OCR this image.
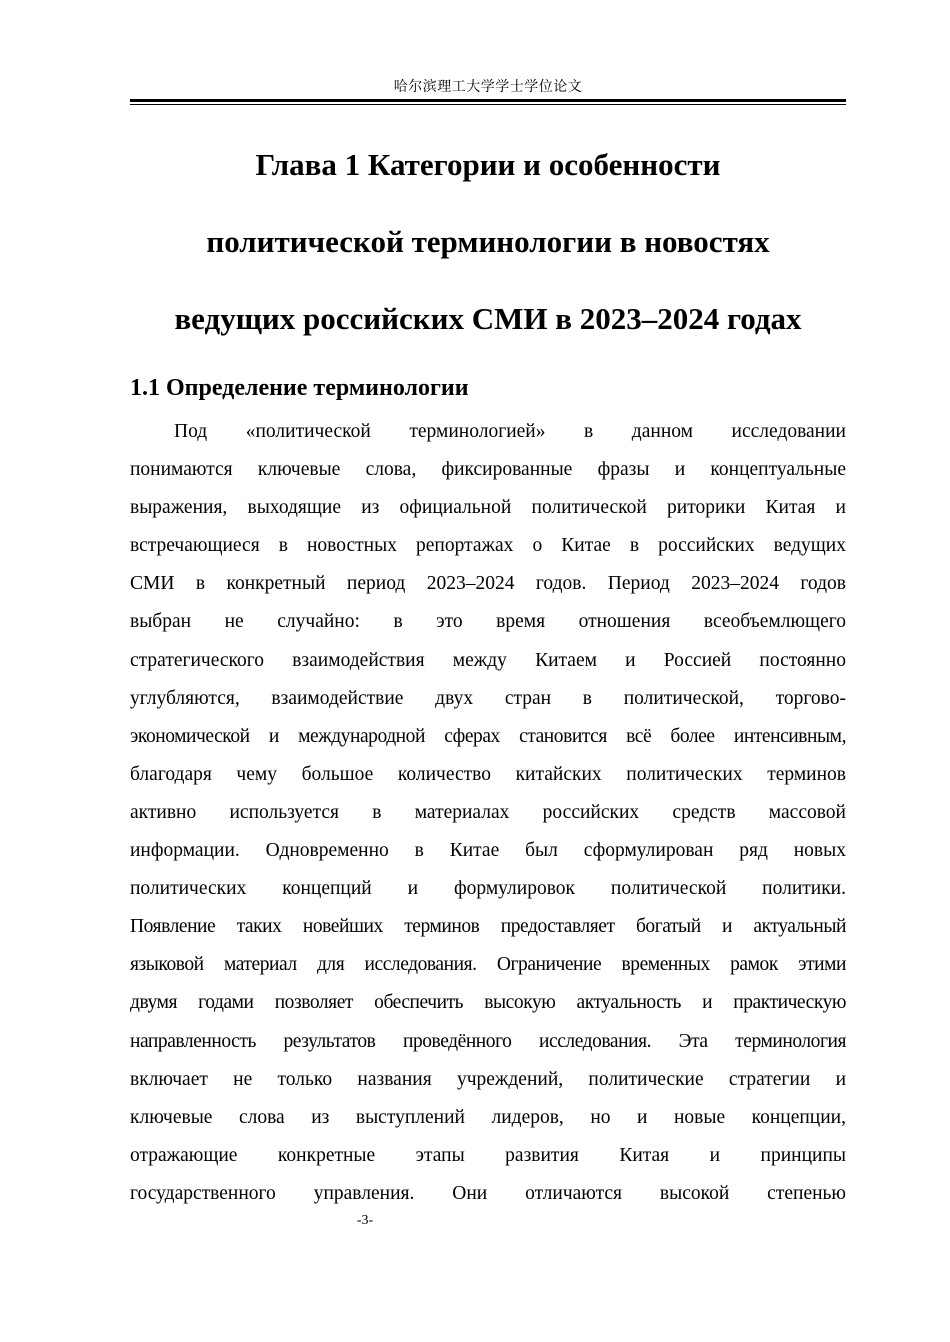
哈尔滨理工大学学士学位论文
Глава 1 Категории и особенности
политической терминологии в новостях
ведущих российских СМИ в 2023–2024 годах
1.1 Определение терминологии
Под «политической терминологией» в данном исследовании
понимаются ключевые слова, фиксированные фразы и концептуальные
выражения, выходящие из официальной политической риторики Китая и
встречающиеся в новостных репортажах о Китае в российских ведущих
СМИ в конкретный период 2023–2024 годов. Период 2023–2024 годов
выбран не случайно: в это время отношения всеобъемлющего
стратегического взаимодействия между Китаем и Россией постоянно
углубляются, взаимодействие двух стран в политической, торгово-
экономической и международной сферах становится всё более интенсивным,
благодаря чему большое количество китайских политических терминов
активно используется в материалах российских средств массовой
информации. Одновременно в Китае был сформулирован ряд новых
политических концепций и формулировок политической политики.
Появление таких новейших терминов предоставляет богатый и актуальный
языковой материал для исследования. Ограничение временных рамок этими
двумя годами позволяет обеспечить высокую актуальность и практическую
направленность результатов проведённого исследования. Эта терминология
включает не только названия учреждений, политические стратегии и
ключевые слова из выступлений лидеров, но и новые концепции,
отражающие конкретные этапы развития Китая и принципы
государственного управления. Они отличаются высокой степенью
-3-
